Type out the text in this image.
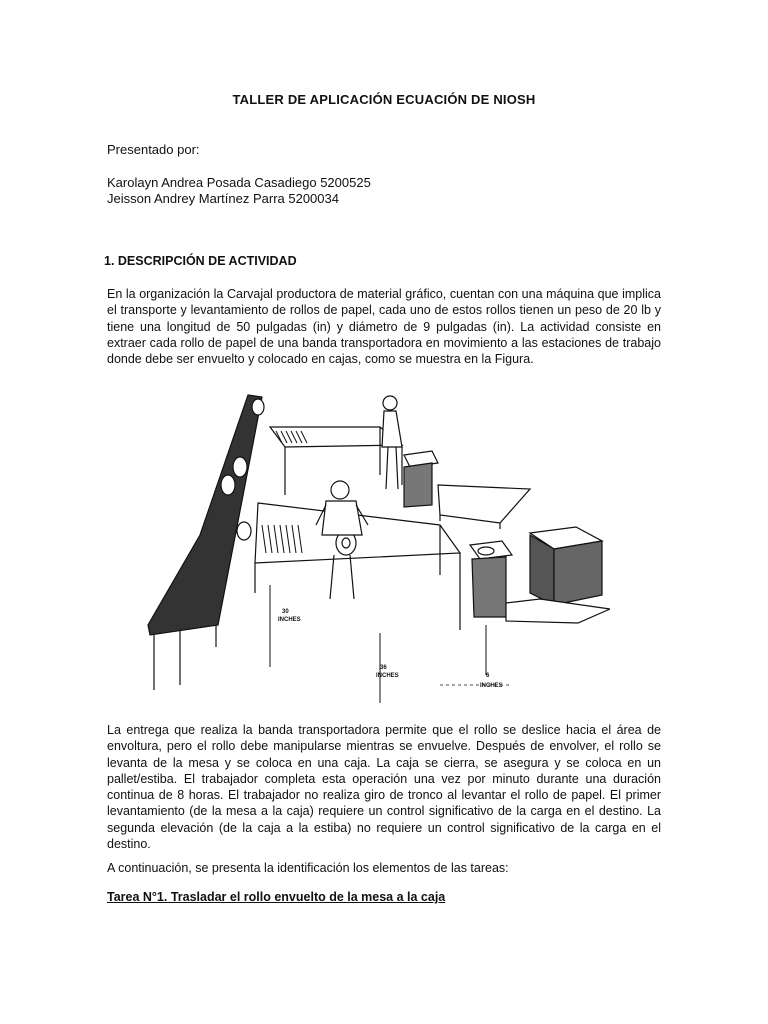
TALLER DE APLICACIÓN ECUACIÓN DE NIOSH
Presentado por:
Karolayn Andrea Posada Casadiego 5200525
Jeisson Andrey Martínez Parra 5200034
1. DESCRIPCIÓN DE ACTIVIDAD
En la organización la Carvajal productora de material gráfico, cuentan con una máquina que implica el transporte y levantamiento de rollos de papel, cada uno de estos rollos tienen un peso de 20 lb y tiene una longitud de 50 pulgadas (in) y diámetro de 9 pulgadas (in). La actividad consiste en extraer cada rollo de papel de una banda transportadora en movimiento a las estaciones de trabajo donde debe ser envuelto y colocado en cajas, como se muestra en la Figura.
30
INCHES
36
INCHES	6
INCHES
La entrega que realiza la banda transportadora permite que el rollo se deslice hacia el área de envoltura, pero el rollo debe manipularse mientras se envuelve. Después de envolver, el rollo se levanta de la mesa y se coloca en una caja. La caja se cierra, se asegura y se coloca en un pallet/estiba. El trabajador completa esta operación una vez por minuto durante una duración continua de 8 horas. El trabajador no realiza giro de tronco al levantar el rollo de papel. El primer levantamiento (de la mesa a la caja) requiere un control significativo de la carga en el destino. La segunda elevación (de la caja a la estiba) no requiere un control significativo de la carga en el destino.
A continuación, se presenta la identificación los elementos de las tareas:
Tarea N°1. Trasladar el rollo envuelto de la mesa a la caja
